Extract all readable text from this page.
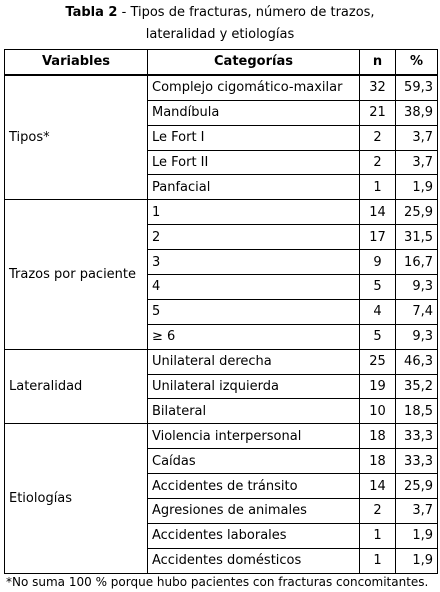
Tabla 2 - Tipos de fracturas, número de trazos,
lateralidad y etiologías
Variables	Categorías	n	%
Tipos*	Complejo cigomático-maxilar	32	59,3
	Mandíbula	21	38,9
	Le Fort I	2	3,7
	Le Fort II	2	3,7
	Panfacial	1	1,9
Trazos por paciente	1	14	25,9
	2	17	31,5
	3	9	16,7
	4	5	9,3
	5	4	7,4
	≥ 6	5	9,3
Lateralidad	Unilateral derecha	25	46,3
	Unilateral izquierda	19	35,2
	Bilateral	10	18,5
Etiologías	Violencia interpersonal	18	33,3
	Caídas	18	33,3
	Accidentes de tránsito	14	25,9
	Agresiones de animales	2	3,7
	Accidentes laborales	1	1,9
	Accidentes domésticos	1	1,9
*No suma 100 % porque hubo pacientes con fracturas concomitantes.
